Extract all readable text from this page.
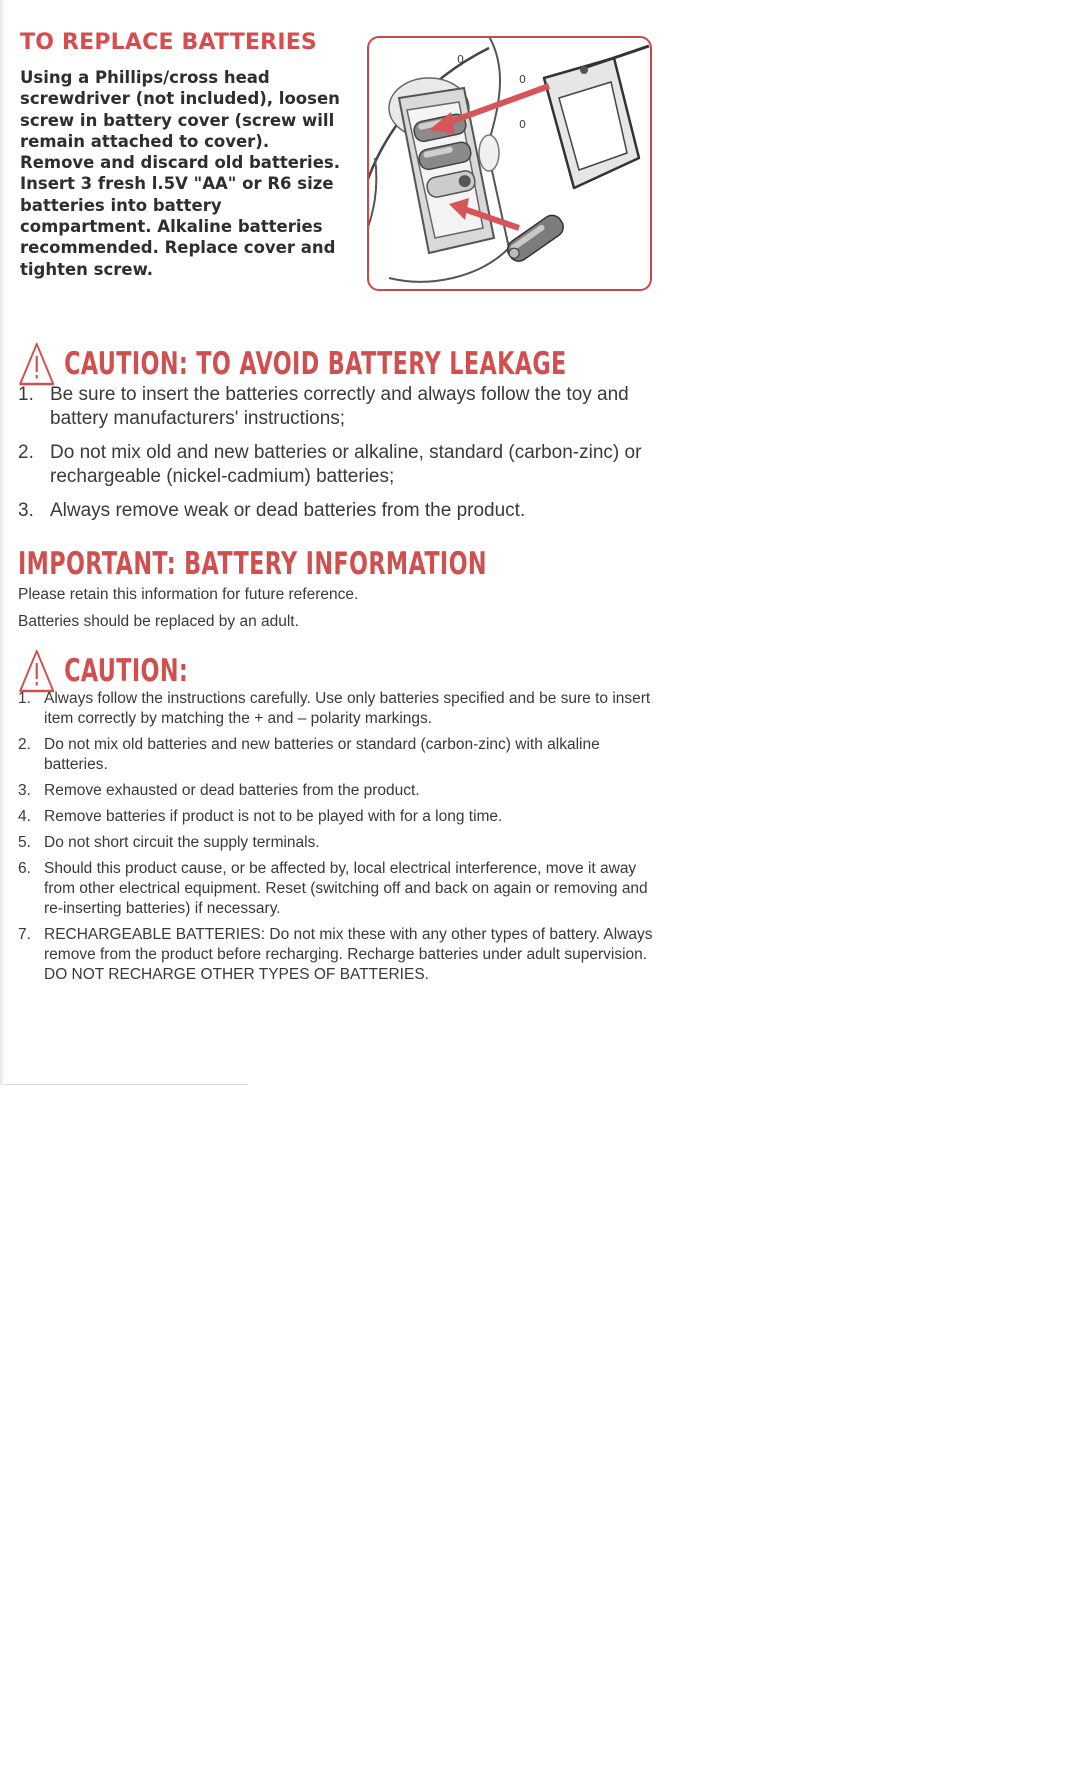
TO REPLACE BATTERIES

Using a Phillips/cross head screwdriver (not included), loosen screw in battery cover (screw will remain attached to cover). Remove and discard old batteries. Insert 3 fresh l.5V "AA" or R6 size batteries into battery compartment. Alkaline batteries recommended. Replace cover and tighten screw.

0
0
0
CAUTION: TO AVOID BATTERY LEAKAGE
1. Be sure to insert the batteries correctly and always follow the toy and battery manufacturers' instructions;
2. Do not mix old and new batteries or alkaline, standard (carbon-zinc) or rechargeable (nickel-cadmium) batteries;
3. Always remove weak or dead batteries from the product.
IMPORTANT: BATTERY INFORMATION

Please retain this information for future reference.

Batteries should be replaced by an adult.

CAUTION:
1. Always follow the instructions carefully. Use only batteries specified and be sure to insert item correctly by matching the + and – polarity markings.
2. Do not mix old batteries and new batteries or standard (carbon-zinc) with alkaline batteries.
3. Remove exhausted or dead batteries from the product.
4. Remove batteries if product is not to be played with for a long time.
5. Do not short circuit the supply terminals.
6. Should this product cause, or be affected by, local electrical interference, move it away from other electrical equipment. Reset (switching off and back on again or removing and re-inserting batteries) if necessary.
7. RECHARGEABLE BATTERIES: Do not mix these with any other types of battery. Always remove from the product before recharging. Recharge batteries under adult supervision. DO NOT RECHARGE OTHER TYPES OF BATTERIES.
